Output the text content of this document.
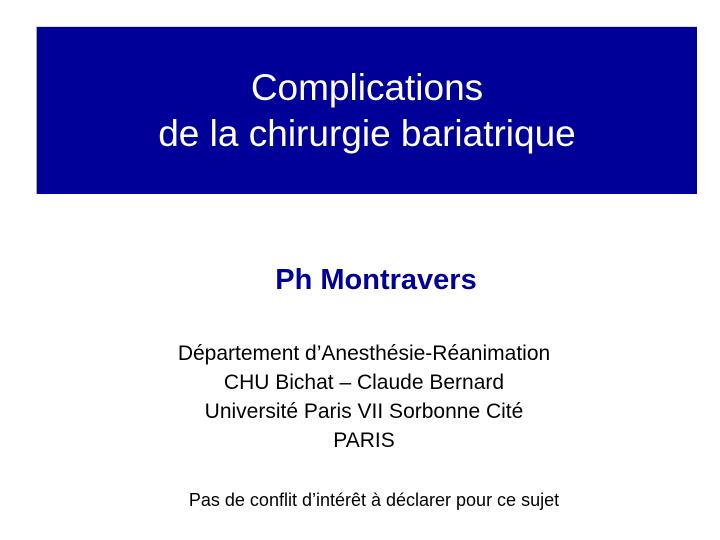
Complications
de la chirurgie bariatrique
Ph Montravers
Département d’Anesthésie-Réanimation
CHU Bichat – Claude Bernard
Université Paris VII Sorbonne Cité
PARIS
Pas de conflit d’intérêt à déclarer pour ce sujet
